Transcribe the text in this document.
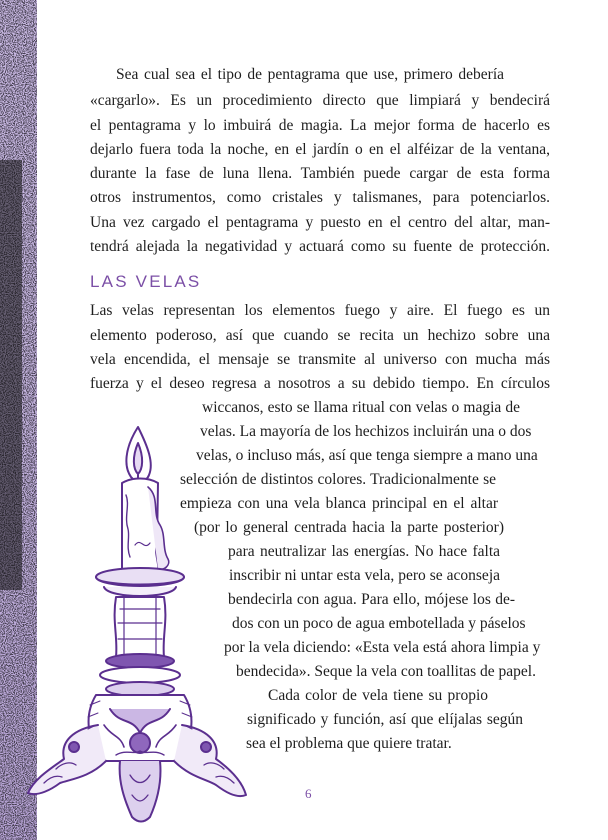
Sea cual sea el tipo de pentagrama que use, primero debería
«cargarlo». Es un procedimiento directo que limpiará y bendecirá
el pentagrama y lo imbuirá de magia. La mejor forma de hacerlo es
dejarlo fuera toda la noche, en el jardín o en el alféizar de la ventana,
durante la fase de luna llena. También puede cargar de esta forma
otros instrumentos, como cristales y talismanes, para potenciarlos.
Una vez cargado el pentagrama y puesto en el centro del altar, man-
tendrá alejada la negatividad y actuará como su fuente de protección.
LAS VELAS
Las velas representan los elementos fuego y aire. El fuego es un
elemento poderoso, así que cuando se recita un hechizo sobre una
vela encendida, el mensaje se transmite al universo con mucha más
fuerza y el deseo regresa a nosotros a su debido tiempo. En círculos
wiccanos, esto se llama ritual con velas o magia de
velas. La mayoría de los hechizos incluirán una o dos
velas, o incluso más, así que tenga siempre a mano una
selección de distintos colores. Tradicionalmente se
empieza con una vela blanca principal en el altar
(por lo general centrada hacia la parte posterior)
para neutralizar las energías. No hace falta
inscribir ni untar esta vela, pero se aconseja
bendecirla con agua. Para ello, mójese los de-
dos con un poco de agua embotellada y páselos
por la vela diciendo: «Esta vela está ahora limpia y
bendecida». Seque la vela con toallitas de papel.
Cada color de vela tiene su propio
significado y función, así que elíjalas según
sea el problema que quiere tratar.
6
